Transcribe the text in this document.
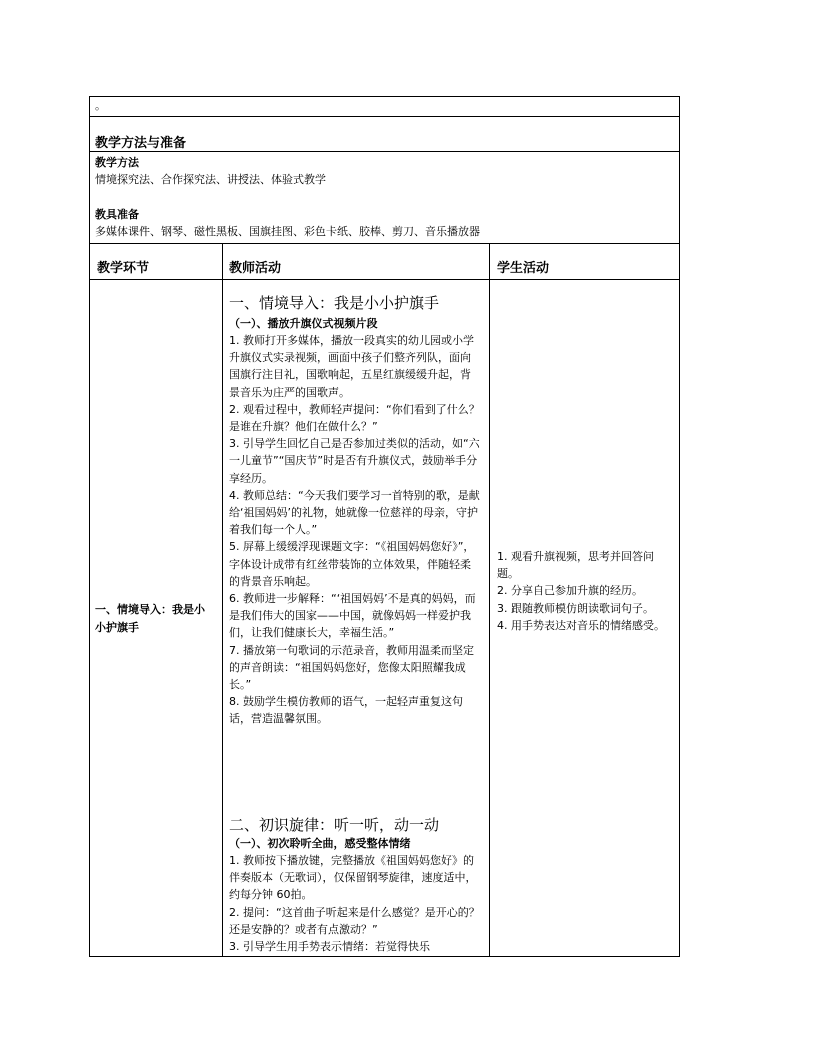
。
教学方法与准备
教学方法
情境探究法、合作探究法、讲授法、体验式教学
教具准备
多媒体课件、钢琴、磁性黑板、国旗挂图、彩色卡纸、胶棒、剪刀、音乐播放器
教学环节	教师活动	学生活动
一、情境导入：我是小小护旗手
一、情境导入：我是小小护旗手
（一）、播放升旗仪式视频片段
1. 教师打开多媒体，播放一段真实的幼儿园或小学升旗仪式实录视频，画面中孩子们整齐列队，面向国旗行注目礼，国歌响起，五星红旗缓缓升起，背景音乐为庄严的国歌声。
2. 观看过程中，教师轻声提问：“你们看到了什么？是谁在升旗？他们在做什么？”
3. 引导学生回忆自己是否参加过类似的活动，如“六一儿童节”“国庆节”时是否有升旗仪式，鼓励举手分享经历。
4. 教师总结：“今天我们要学习一首特别的歌，是献给‘祖国妈妈’的礼物，她就像一位慈祥的母亲，守护着我们每一个人。”
5. 屏幕上缓缓浮现课题文字：“《祖国妈妈您好》”，字体设计成带有红丝带装饰的立体效果，伴随轻柔的背景音乐响起。
6. 教师进一步解释：“‘祖国妈妈’不是真的妈妈，而是我们伟大的国家——中国，就像妈妈一样爱护我们，让我们健康长大，幸福生活。”
7. 播放第一句歌词的示范录音，教师用温柔而坚定的声音朗读：“祖国妈妈您好，您像太阳照耀我成长。”
8. 鼓励学生模仿教师的语气，一起轻声重复这句话，营造温馨氛围。
二、初识旋律：听一听，动一动
（一）、初次聆听全曲，感受整体情绪
1. 教师按下播放键，完整播放《祖国妈妈您好》的伴奏版本（无歌词），仅保留钢琴旋律，速度适中，约每分钟 60拍。
2. 提问：“这首曲子听起来是什么感觉？是开心的？还是安静的？或者有点激动？”
3. 引导学生用手势表示情绪：若觉得快乐
1. 观看升旗视频，思考并回答问题。
2. 分享自己参加升旗的经历。
3. 跟随教师模仿朗读歌词句子。
4. 用手势表达对音乐的情绪感受。
